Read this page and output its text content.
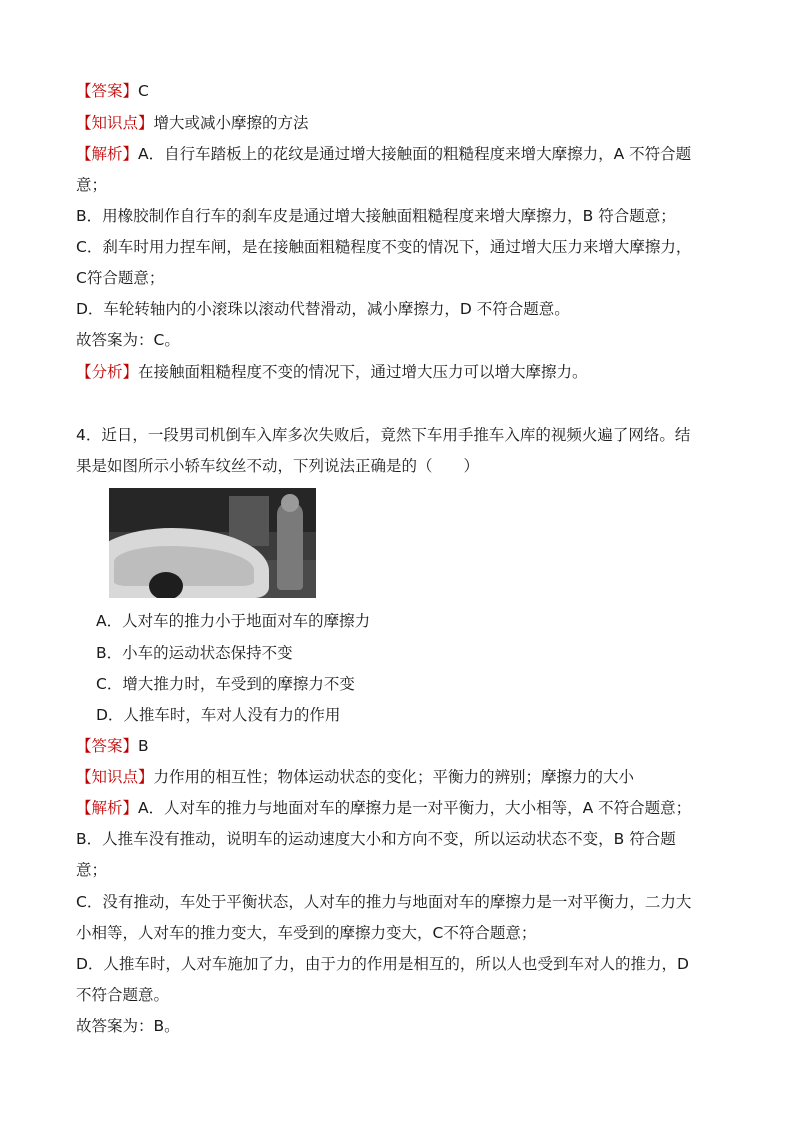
【答案】C
【知识点】增大或减小摩擦的方法
【解析】A．自行车踏板上的花纹是通过增大接触面的粗糙程度来增大摩擦力，A 不符合题
意；
B．用橡胶制作自行车的刹车皮是通过增大接触面粗糙程度来增大摩擦力，B 符合题意；
C．刹车时用力捏车闸，是在接触面粗糙程度不变的情况下，通过增大压力来增大摩擦力，
C符合题意；
D．车轮转轴内的小滚珠以滚动代替滑动，减小摩擦力，D 不符合题意。
故答案为：C。
【分析】在接触面粗糙程度不变的情况下，通过增大压力可以增大摩擦力。
4．近日，一段男司机倒车入库多次失败后，竟然下车用手推车入库的视频火遍了网络。结
果是如图所示小轿车纹丝不动，下列说法正确是的（　　）
A．人对车的推力小于地面对车的摩擦力
B．小车的运动状态保持不变
C．增大推力时，车受到的摩擦力不变
D．人推车时，车对人没有力的作用
【答案】B
【知识点】力作用的相互性；物体运动状态的变化；平衡力的辨别；摩擦力的大小
【解析】A．人对车的推力与地面对车的摩擦力是一对平衡力，大小相等，A 不符合题意；
B．人推车没有推动，说明车的运动速度大小和方向不变，所以运动状态不变，B 符合题
意；
C．没有推动，车处于平衡状态，人对车的推力与地面对车的摩擦力是一对平衡力，二力大
小相等，人对车的推力变大，车受到的摩擦力变大，C不符合题意；
D．人推车时，人对车施加了力，由于力的作用是相互的，所以人也受到车对人的推力，D
不符合题意。
故答案为：B。
